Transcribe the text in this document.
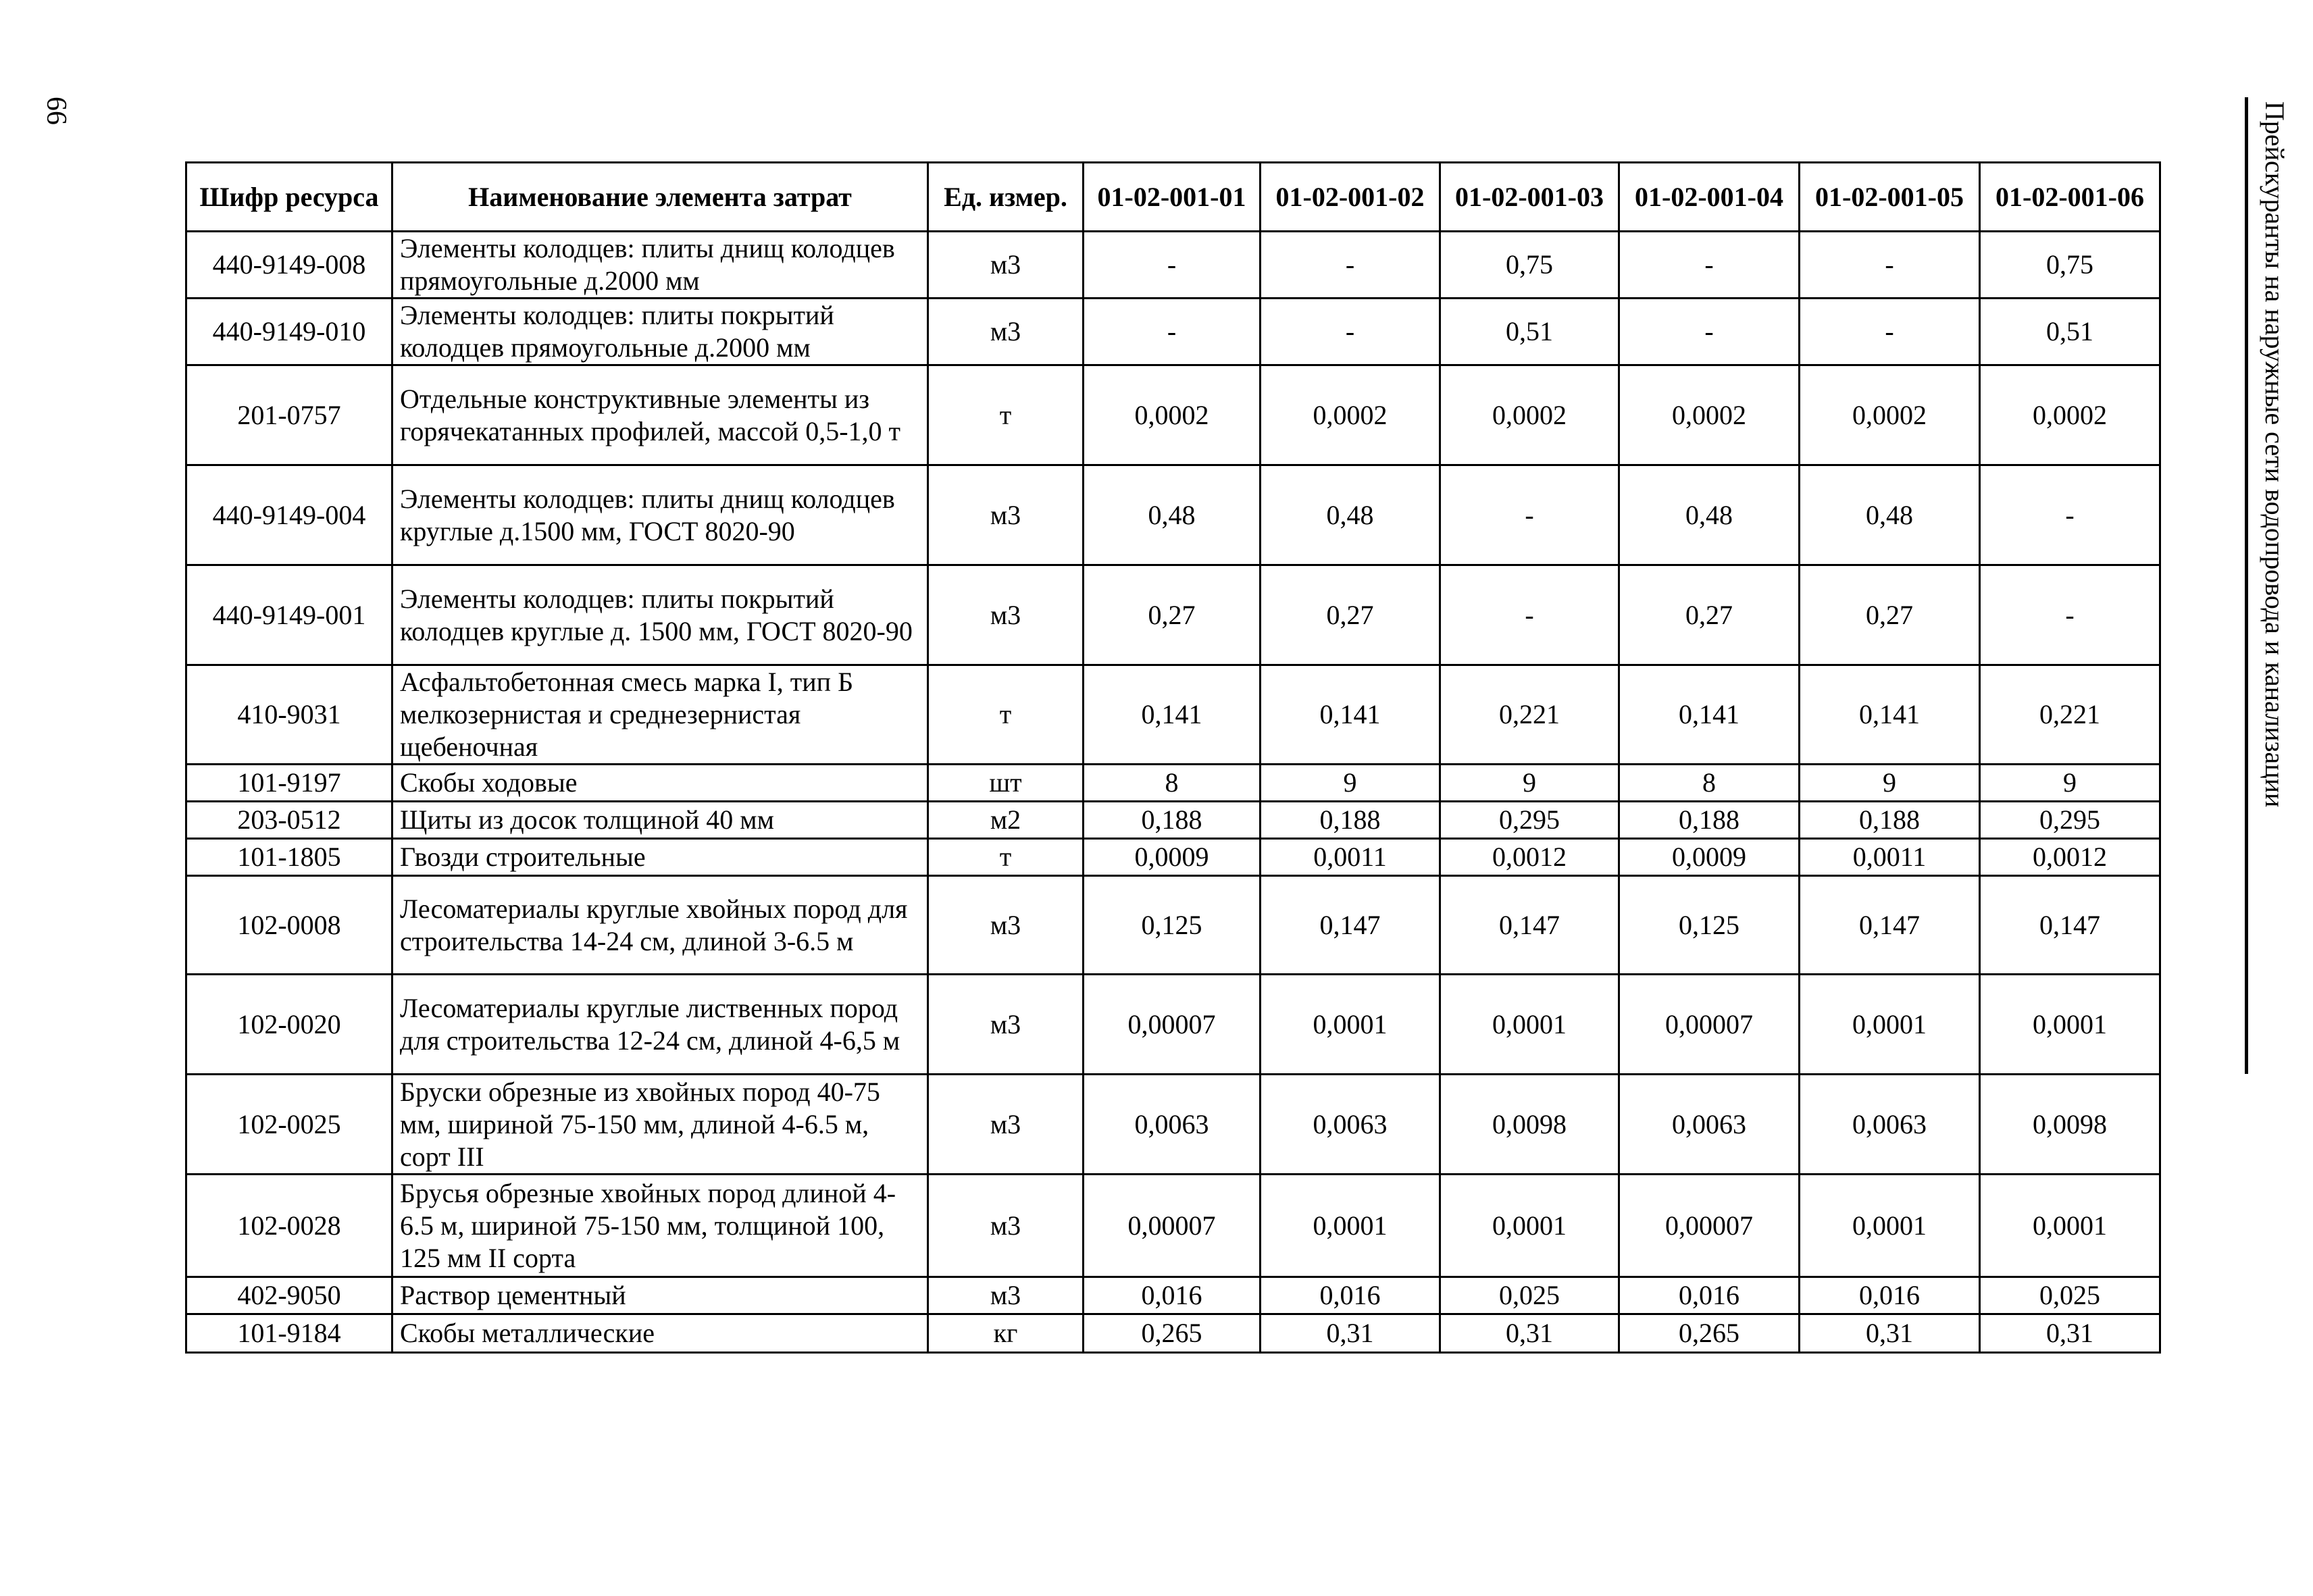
66	Прейскуранты на наружные сети водопровода и канализации
Шифр ресурса	Наименование элемента затрат	Ед. измер.	01-02-001-01	01-02-001-02	01-02-001-03	01-02-001-04	01-02-001-05	01-02-001-06
440-9149-008	Элементы колодцев: плиты днищ колодцев прямоугольные д.2000 мм	м3	-	-	0,75	-	-	0,75
440-9149-010	Элементы колодцев: плиты покрытий колодцев прямоугольные д.2000 мм	м3	-	-	0,51	-	-	0,51
201-0757	Отдельные конструктивные элементы из горячекатанных профилей, массой 0,5-1,0 т	т	0,0002	0,0002	0,0002	0,0002	0,0002	0,0002
440-9149-004	Элементы колодцев: плиты днищ колодцев круглые д.1500 мм, ГОСТ 8020-90	м3	0,48	0,48	-	0,48	0,48	-
440-9149-001	Элементы колодцев: плиты покрытий колодцев круглые д. 1500 мм, ГОСТ 8020-90	м3	0,27	0,27	-	0,27	0,27	-
410-9031	Асфальтобетонная смесь марка I, тип Б мелкозернистая и среднезернистая щебеночная	т	0,141	0,141	0,221	0,141	0,141	0,221
101-9197	Скобы ходовые	шт	8	9	9	8	9	9
203-0512	Щиты из досок толщиной 40 мм	м2	0,188	0,188	0,295	0,188	0,188	0,295
101-1805	Гвозди строительные	т	0,0009	0,0011	0,0012	0,0009	0,0011	0,0012
102-0008	Лесоматериалы круглые хвойных пород для строительства 14-24 см, длиной 3-6.5 м	м3	0,125	0,147	0,147	0,125	0,147	0,147
102-0020	Лесоматериалы круглые лиственных пород для строительства 12-24 см, длиной 4-6,5 м	м3	0,00007	0,0001	0,0001	0,00007	0,0001	0,0001
102-0025	Бруски обрезные из хвойных пород 40-75 мм, шириной 75-150 мм, длиной 4-6.5 м, сорт III	м3	0,0063	0,0063	0,0098	0,0063	0,0063	0,0098
102-0028	Брусья обрезные хвойных пород длиной 4-6.5 м, шириной 75-150 мм, толщиной 100, 125 мм II сорта	м3	0,00007	0,0001	0,0001	0,00007	0,0001	0,0001
402-9050	Раствор цементный	м3	0,016	0,016	0,025	0,016	0,016	0,025
101-9184	Скобы металлические	кг	0,265	0,31	0,31	0,265	0,31	0,31
